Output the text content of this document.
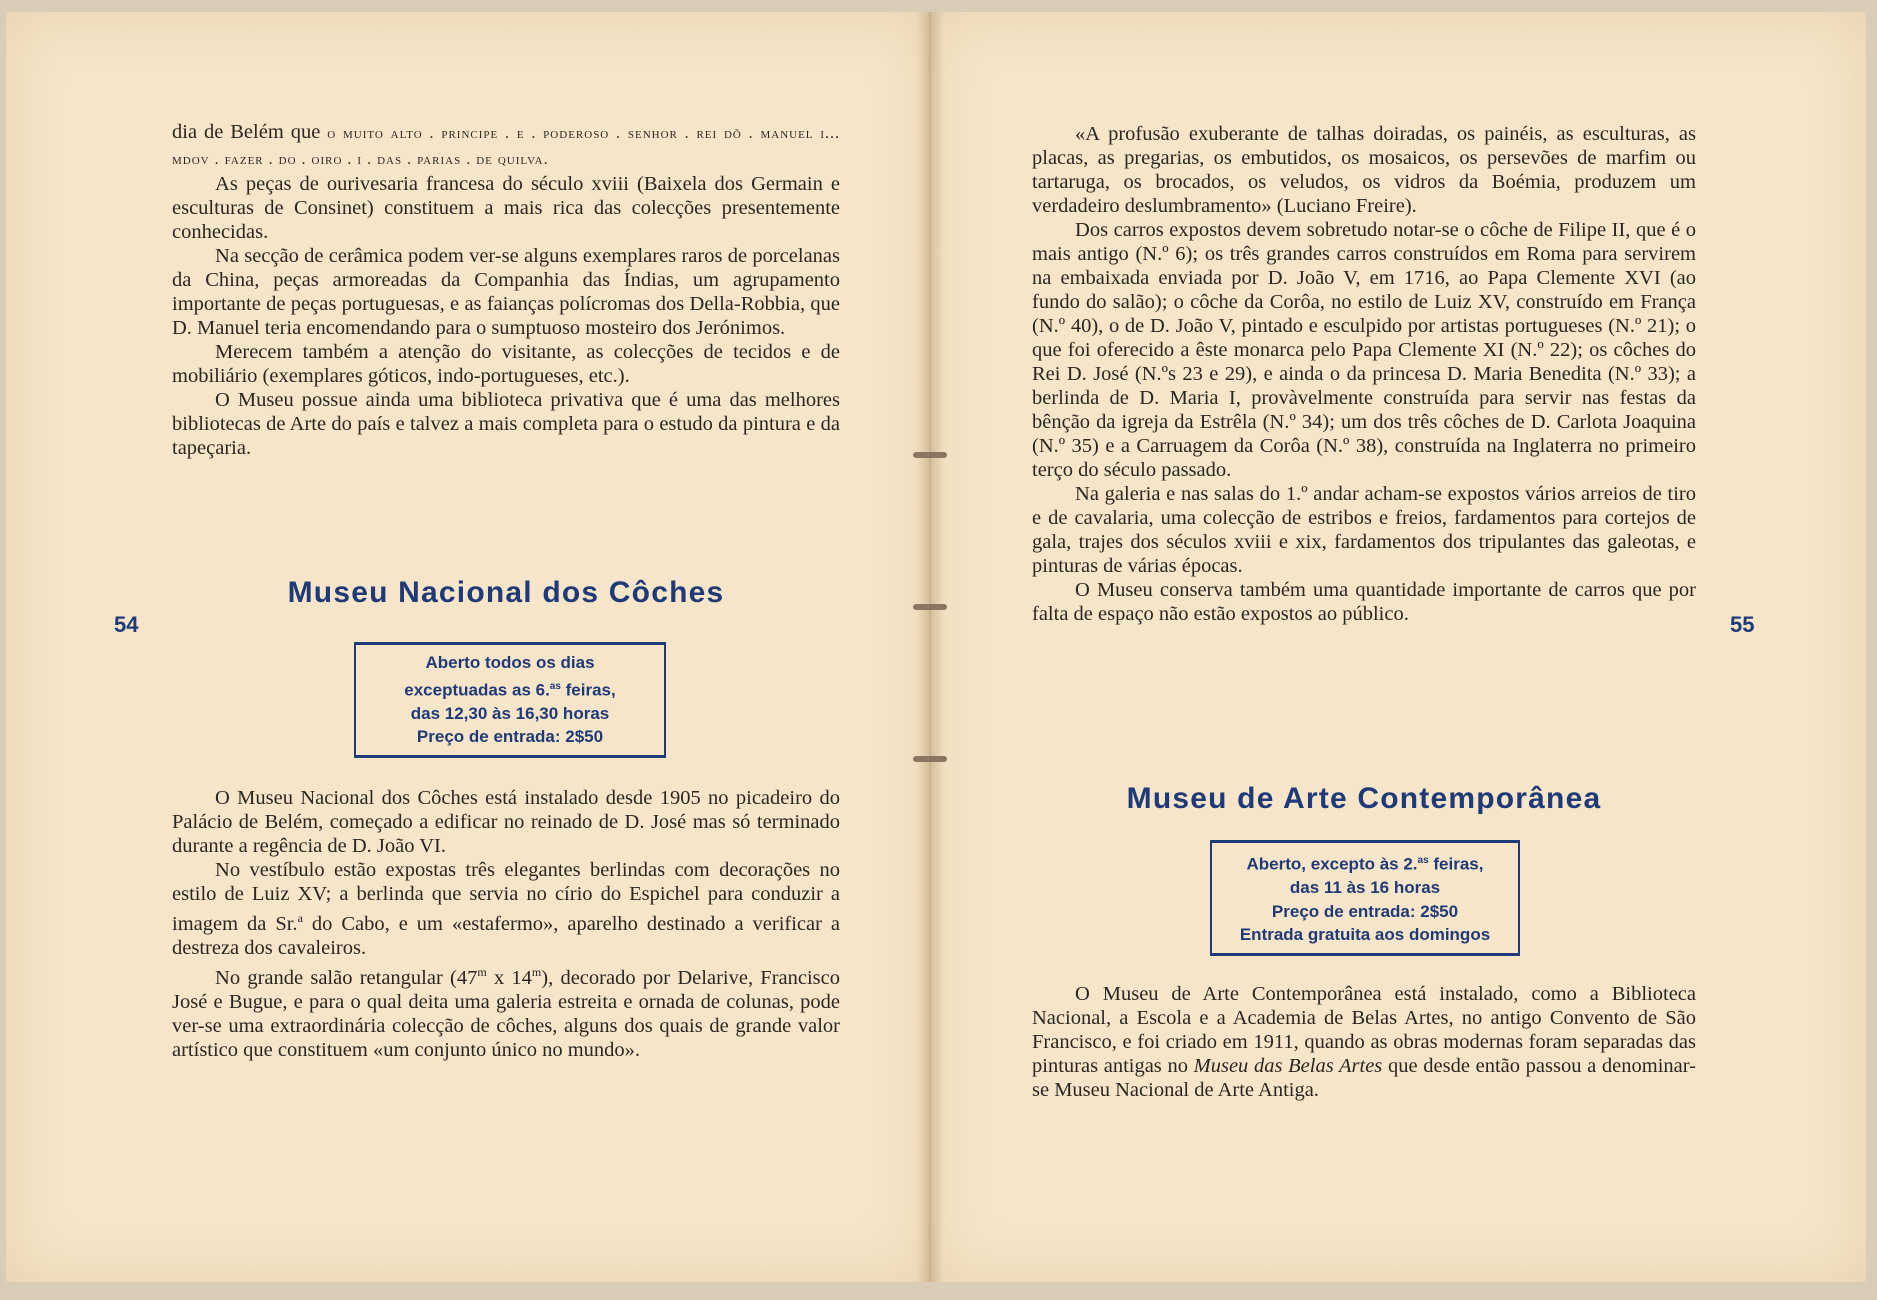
54

dia de Belém que o muito alto . principe . e . poderoso . senhor . rei dõ . manuel i... mdov . fazer . do . oiro . i . das . parias . de quilva.

As peças de ourivesaria francesa do século xviii (Baixela dos Germain e esculturas de Consinet) constituem a mais rica das colecções presentemente conhecidas.

Na secção de cerâmica podem ver-se alguns exemplares raros de porcelanas da China, peças armoreadas da Companhia das Índias, um agrupamento importante de peças portuguesas, e as faianças polícromas dos Della-Robbia, que D. Manuel teria encomendando para o sumptuoso mosteiro dos Jerónimos.

Merecem também a atenção do visitante, as colecções de tecidos e de mobiliário (exemplares góticos, indo-portugueses, etc.).

O Museu possue ainda uma biblioteca privativa que é uma das melhores bibliotecas de Arte do país e talvez a mais completa para o estudo da pintura e da tapeçaria.

Museu Nacional dos Côches
Aberto todos os dias
exceptuadas as 6.$^{as}$ feiras,
das 12,30 às 16,30 horas
Preço de entrada: 2$50

O Museu Nacional dos Côches está instalado desde 1905 no picadeiro do Palácio de Belém, começado a edificar no reinado de D. José mas só terminado durante a regência de D. João VI.

No vestíbulo estão expostas três elegantes berlindas com decorações no estilo de Luiz XV; a berlinda que servia no círio do Espichel para conduzir a imagem da Sr.$^a$ do Cabo, e um «estafermo», aparelho destinado a verificar a destreza dos cavaleiros.

No grande salão retangular (47$^m$ x 14$^m$), decorado por Delarive, Francisco José e Bugue, e para o qual deita uma galeria estreita e ornada de colunas, pode ver-se uma extraordinária colecção de côches, alguns dos quais de grande valor artístico que constituem «um conjunto único no mundo».

55

«A profusão exuberante de talhas doiradas, os painéis, as esculturas, as placas, as pregarias, os embutidos, os mosaicos, os persevões de marfim ou tartaruga, os brocados, os veludos, os vidros da Boémia, produzem um verdadeiro deslumbramento» (Luciano Freire).

Dos carros expostos devem sobretudo notar-se o côche de Filipe II, que é o mais antigo (N.º 6); os três grandes carros construídos em Roma para servirem na embaixada enviada por D. João V, em 1716, ao Papa Clemente XVI (ao fundo do salão); o côche da Corôa, no estilo de Luiz XV, construído em França (N.º 40), o de D. João V, pintado e esculpido por artistas portugueses (N.º 21); o que foi oferecido a êste monarca pelo Papa Clemente XI (N.º 22); os côches do Rei D. José (N.ºs 23 e 29), e ainda o da princesa D. Maria Benedita (N.º 33); a berlinda de D. Maria I, provàvelmente construída para servir nas festas da bênção da igreja da Estrêla (N.º 34); um dos três côches de D. Carlota Joaquina (N.º 35) e a Carruagem da Corôa (N.º 38), construída na Inglaterra no primeiro terço do século passado.

Na galeria e nas salas do 1.º andar acham-se expostos vários arreios de tiro e de cavalaria, uma colecção de estribos e freios, fardamentos para cortejos de gala, trajes dos séculos xviii e xix, fardamentos dos tripulantes das galeotas, e pinturas de várias épocas.

O Museu conserva também uma quantidade importante de carros que por falta de espaço não estão expostos ao público.

Museu de Arte Contemporânea
Aberto, excepto às 2.$^{as}$ feiras,
das 11 às 16 horas
Preço de entrada: 2$50
Entrada gratuita aos domingos

O Museu de Arte Contemporânea está instalado, como a Biblioteca Nacional, a Escola e a Academia de Belas Artes, no antigo Convento de São Francisco, e foi criado em 1911, quando as obras modernas foram separadas das pinturas antigas no Museu das Belas Artes que desde então passou a denominar-se Museu Nacional de Arte Antiga.
